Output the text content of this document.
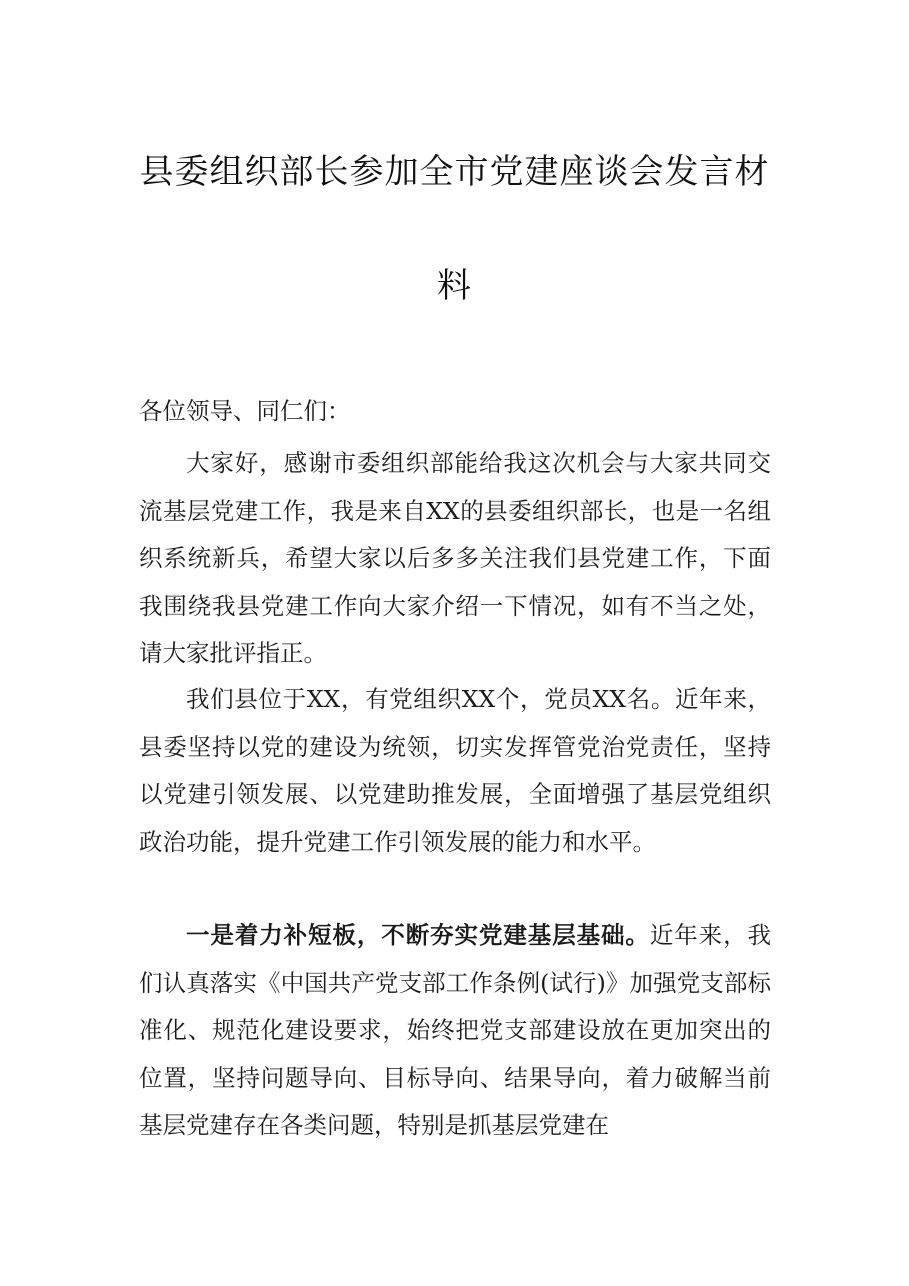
县委组织部长参加全市党建座谈会发言材
料
各位领导、同仁们：

大家好，感谢市委组织部能给我这次机会与大家共同交流基层党建工作，我是来自XX的县委组织部长，也是一名组织系统新兵，希望大家以后多多关注我们县党建工作，下面我围绕我县党建工作向大家介绍一下情况，如有不当之处，请大家批评指正。

我们县位于XX，有党组织XX个，党员XX名。近年来，县委坚持以党的建设为统领，切实发挥管党治党责任，坚持以党建引领发展、以党建助推发展，全面增强了基层党组织政治功能，提升党建工作引领发展的能力和水平。

一是着力补短板，不断夯实党建基层基础。近年来，我们认真落实《中国共产党支部工作条例(试行)》加强党支部标准化、规范化建设要求，始终把党支部建设放在更加突出的位置，坚持问题导向、目标导向、结果导向，着力破解当前基层党建存在各类问题，特别是抓基层党建在
